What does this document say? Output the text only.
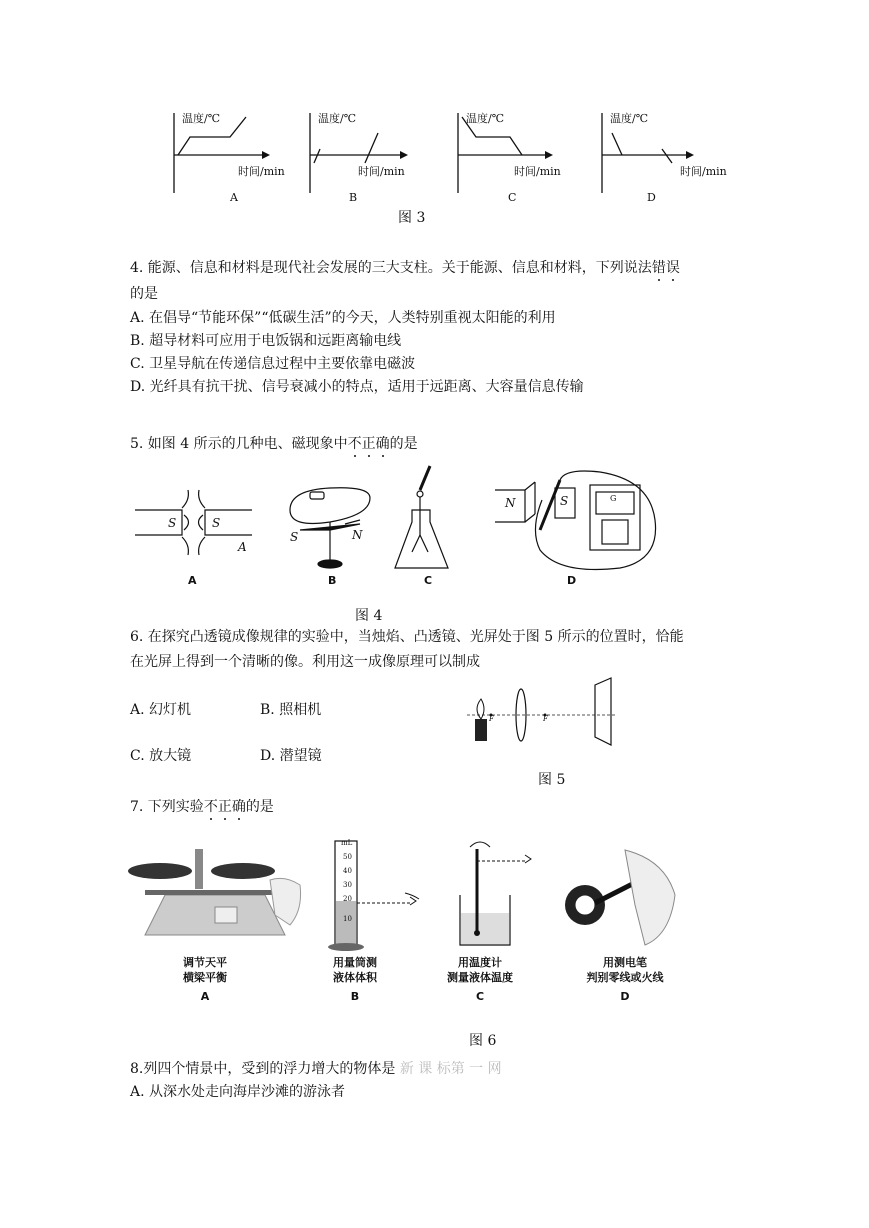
温度/℃
时间/min
A
温度/℃
时间/min
B
温度/℃
时间/min
C
温度/℃
时间/min
D
图 3
4. 能源、信息和材料是现代社会发展的三大支柱。关于能源、信息和材料，下列说法错误
的是
A. 在倡导“节能环保”“低碳生活”的今天，人类特别重视太阳能的利用
B. 超导材料可应用于电饭锅和远距离输电线
C. 卫星导航在传递信息过程中主要依靠电磁波
D. 光纤具有抗干扰、信号衰减小的特点，适用于远距离、大容量信息传输
5. 如图 4 所示的几种电、磁现象中不正确的是
S	S
A
S	N
N	S	G
A	B	C	D
图 4
6. 在探究凸透镜成像规律的实验中，当烛焰、凸透镜、光屏处于图 5 所示的位置时，恰能
在光屏上得到一个清晰的像。利用这一成像原理可以制成
A. 幻灯机	B. 照相机
C. 放大镜	D. 潜望镜
F	F
图 5
7. 下列实验不正确的是
mL
50
40
30
20
10
调节天平
横梁平衡
A
用量筒测
液体体积
B
用温度计
测量液体温度
C
用测电笔
判别零线或火线
D
图 6
8.列四个情景中，受到的浮力增大的物体是 新 课 标第 一 网
A. 从深水处走向海岸沙滩的游泳者
